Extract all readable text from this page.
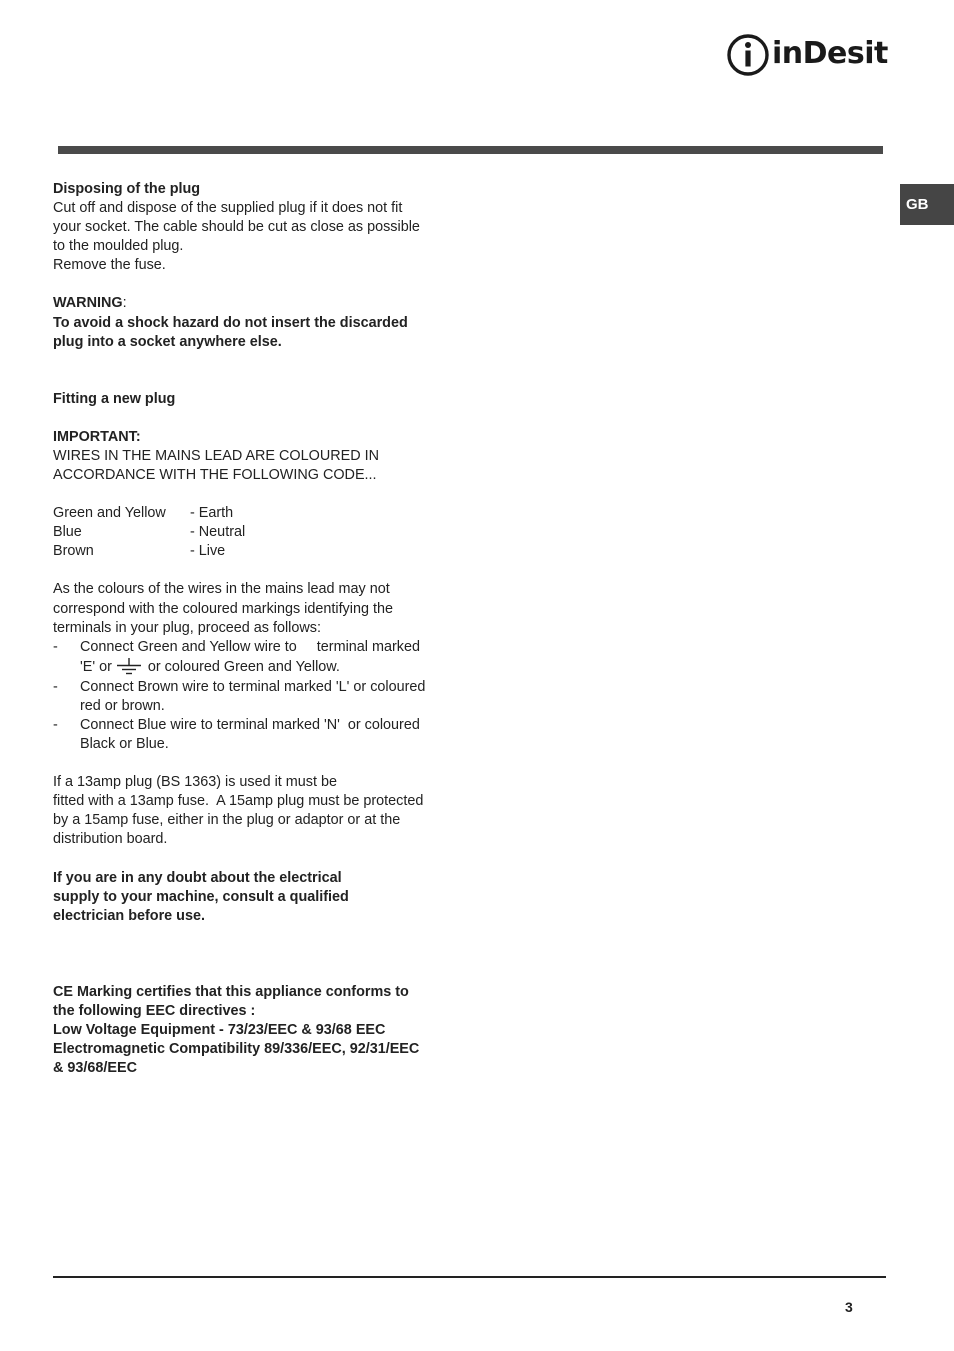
inDesit
GB

Disposing of the plug

Cut off and dispose of the supplied plug if it does not fit

your socket. The cable should be cut as close as possible

to the moulded plug.

Remove the fuse.

WARNING:

To avoid a shock hazard do not insert the discarded

plug into a socket anywhere else.

Fitting a new plug

IMPORTANT:

WIRES IN THE MAINS LEAD ARE COLOURED IN

ACCORDANCE WITH THE FOLLOWING CODE...

Green and Yellow	- Earth
Blue	- Neutral
Brown	- Live

As the colours of the wires in the mains lead may not

correspond with the coloured markings identifying the

terminals in your plug, proceed as follows:

-	Connect Green and Yellow wire to     terminal marked

'E' or	or coloured Green and Yellow.

-	Connect Brown wire to terminal marked 'L' or coloured

red or brown.

-	Connect Blue wire to terminal marked 'N'  or coloured

Black or Blue.

If a 13amp plug (BS 1363) is used it must be

fitted with a 13amp fuse.  A 15amp plug must be protected

by a 15amp fuse, either in the plug or adaptor or at the

distribution board.

If you are in any doubt about the electrical

supply to your machine, consult a qualified

electrician before use.

CE Marking certifies that this appliance conforms to

the following EEC directives :

Low Voltage Equipment - 73/23/EEC & 93/68 EEC

Electromagnetic Compatibility 89/336/EEC, 92/31/EEC

& 93/68/EEC

3
